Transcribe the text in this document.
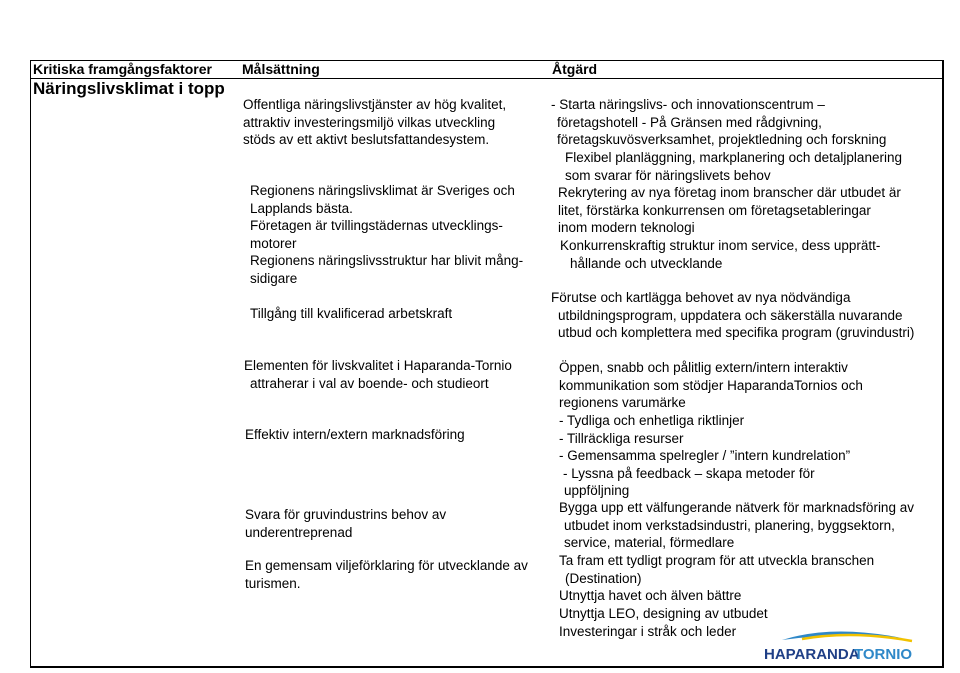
Kritiska framgångsfaktorer Målsättning	Åtgärd
Näringslivsklimat i topp
Offentliga näringslivstjänster av hög kvalitet,
attraktiv investeringsmiljö vilkas utveckling
stöds av ett aktivt beslutsfattandesystem.
Regionens näringslivsklimat är Sveriges och
Lapplands bästa.
Företagen är tvillingstädernas utvecklings-
motorer
Regionens näringslivsstruktur har blivit mång-
sidigare
Tillgång till kvalificerad arbetskraft
Elementen för livskvalitet i Haparanda-Tornio
attraherar i val av boende- och studieort
Effektiv intern/extern marknadsföring
Svara för gruvindustrins behov av
underentreprenad
En gemensam viljeförklaring för utvecklande av
turismen.
- Starta näringslivs- och innovationscentrum –
företagshotell - På Gränsen med rådgivning,
företagskuvösverksamhet, projektledning och forskning
Flexibel planläggning, markplanering och detaljplanering
som svarar för näringslivets behov
Rekrytering av nya företag inom branscher där utbudet är
litet, förstärka konkurrensen om företagsetableringar
inom modern teknologi
Konkurrenskraftig struktur inom service, dess upprätt-
hållande och utvecklande
Förutse och kartlägga behovet av nya nödvändiga
utbildningsprogram, uppdatera och säkerställa nuvarande
utbud och komplettera med specifika program (gruvindustri)
Öppen, snabb och pålitlig extern/intern interaktiv
kommunikation som stödjer HaparandaTornios och
regionens varumärke
- Tydliga och enhetliga riktlinjer
- Tillräckliga resurser
- Gemensamma spelregler / ”intern kundrelation”
- Lyssna på feedback – skapa metoder för
uppföljning
Bygga upp ett välfungerande nätverk för marknadsföring av
utbudet inom verkstadsindustri, planering, byggsektorn,
service, material, förmedlare
Ta fram ett tydligt program för att utveckla branschen
(Destination)
Utnyttja havet och älven bättre
Utnyttja LEO, designing av utbudet
Investeringar i stråk och leder
HAPARANDA
TORNIO
